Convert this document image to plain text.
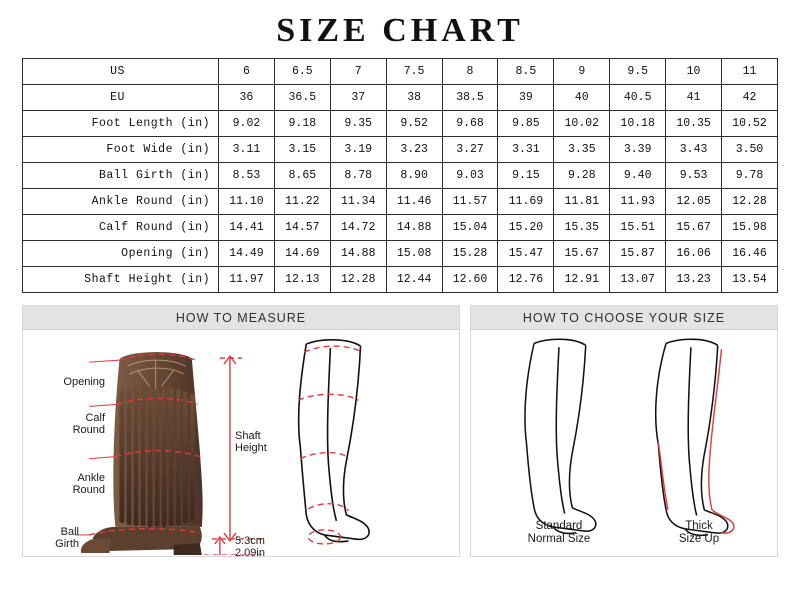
SIZE CHART
US	6	6.5	7	7.5	8	8.5	9	9.5	10	11
EU	36	36.5	37	38	38.5	39	40	40.5	41	42
Foot Length (in)	9.02	9.18	9.35	9.52	9.68	9.85	10.02	10.18	10.35	10.52
Foot Wide (in)	3.11	3.15	3.19	3.23	3.27	3.31	3.35	3.39	3.43	3.50
Ball Girth (in)	8.53	8.65	8.78	8.90	9.03	9.15	9.28	9.40	9.53	9.78
Ankle Round (in)	11.10	11.22	11.34	11.46	11.57	11.69	11.81	11.93	12.05	12.28
Calf Round (in)	14.41	14.57	14.72	14.88	15.04	15.20	15.35	15.51	15.67	15.98
Opening (in)	14.49	14.69	14.88	15.08	15.28	15.47	15.67	15.87	16.06	16.46
Shaft Height (in)	11.97	12.13	12.28	12.44	12.60	12.76	12.91	13.07	13.23	13.54
HOW TO MEASURE
Opening
Calf
Round
Ankle
Round
Ball
Girth
Shaft
Height
5.3cm
2.09in
HOW TO CHOOSE YOUR SIZE
Standard
Normal Size
Thick
Size Up
